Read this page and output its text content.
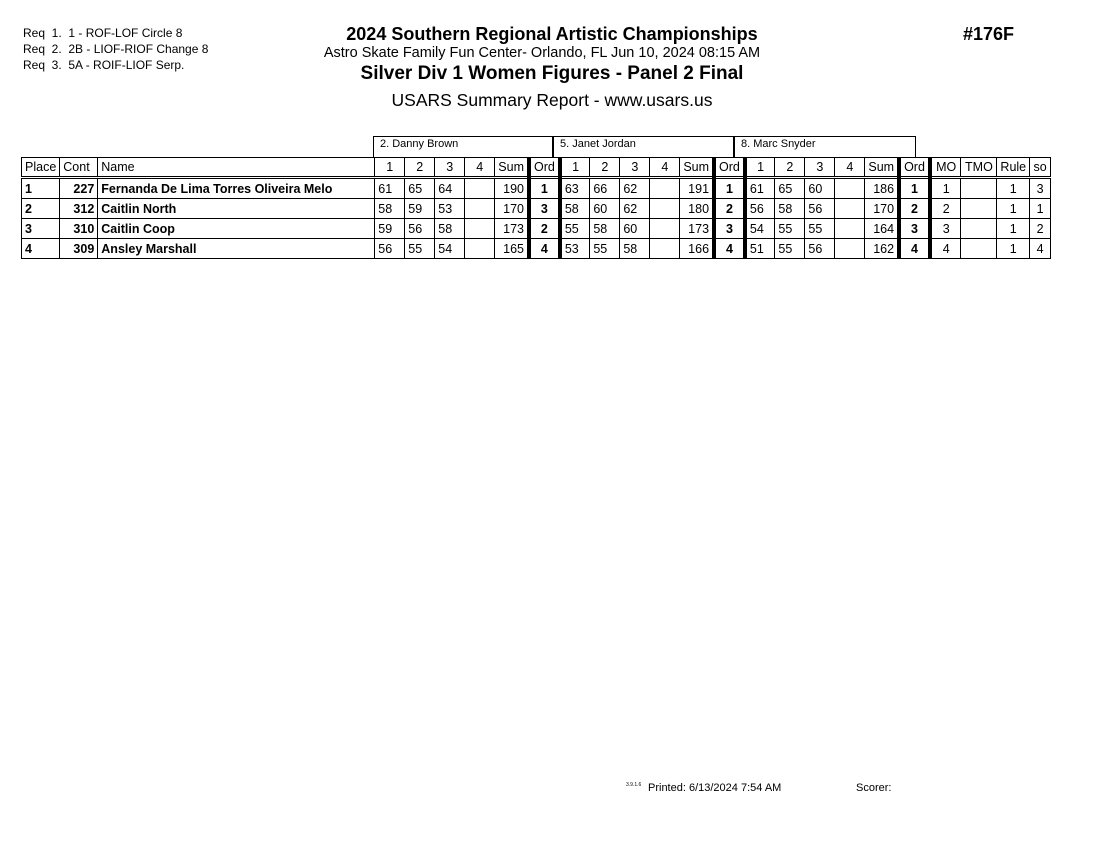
Req  1.  1 - ROF-LOF Circle 8
Req  2.  2B - LIOF-RIOF Change 8
Req  3.  5A - ROIF-LIOF Serp.
2024 Southern Regional Artistic Championships
Astro Skate Family Fun Center- Orlando, FL Jun 10, 2024 08:15 AM
Silver Div 1 Women Figures - Panel 2 Final
USARS Summary Report - www.usars.us
#176F
2. Danny Brown	5. Janet Jordan	8. Marc Snyder
Place	Cont	Name	1	2	3	4	Sum	Ord	1	2	3	4	Sum	Ord	1	2	3	4	Sum	Ord	MO	TMO	Rule	so
1	227	Fernanda De Lima Torres Oliveira Melo	61	65	64		190	1	63	66	62		191	1	61	65	60		186	1	1		1	3
2	312	Caitlin North	58	59	53		170	3	58	60	62		180	2	56	58	56		170	2	2		1	1
3	310	Caitlin Coop	59	56	58		173	2	55	58	60		173	3	54	55	55		164	3	3		1	2
4	309	Ansley Marshall	56	55	54		165	4	53	55	58		166	4	51	55	56		162	4	4		1	4
3.9.1.6 Printed: 6/13/2024 7:54 AM	Scorer:
